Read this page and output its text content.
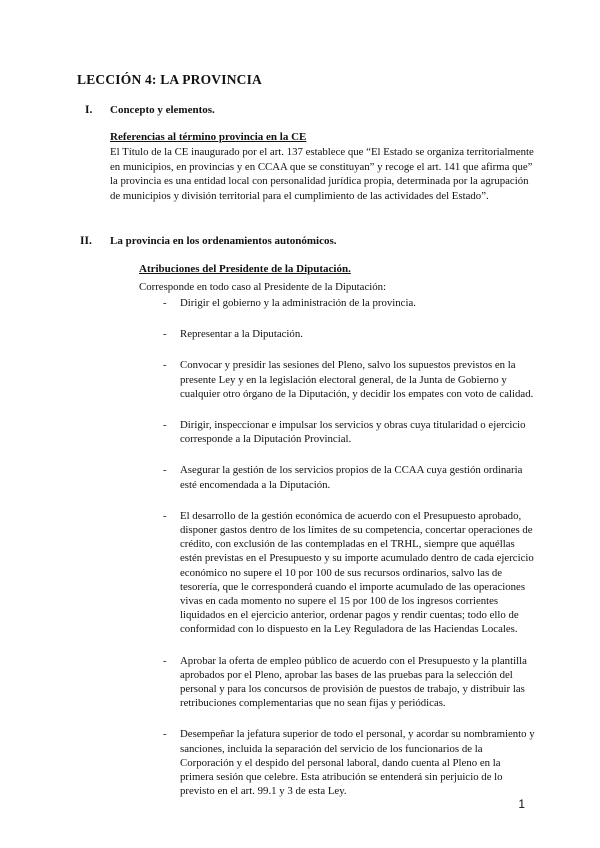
LECCIÓN 4: LA PROVINCIA
I. Concepto y elementos.
Referencias al término provincia en la CE
El Título de la CE inaugurado por el art. 137 establece que “El Estado se organiza territorialmente en municipios, en provincias y en CCAA que se constituyan” y recoge el art. 141 que afirma que” la provincia es una entidad local con personalidad jurídica propia, determinada por la agrupación de municipios y división territorial para el cumplimiento de las actividades del Estado”.
II. La provincia en los ordenamientos autonómicos.
Atribuciones del Presidente de la Diputación.
Corresponde en todo caso al Presidente de la Diputación:
- Dirigir el gobierno y la administración de la provincia.
- Representar a la Diputación.
- Convocar y presidir las sesiones del Pleno, salvo los supuestos previstos en la presente Ley y en la legislación electoral general, de la Junta de Gobierno y cualquier otro órgano de la Diputación, y decidir los empates con voto de calidad.
- Dirigir, inspeccionar e impulsar los servicios y obras cuya titularidad o ejercicio corresponde a la Diputación Provincial.
- Asegurar la gestión de los servicios propios de la CCAA cuya gestión ordinaria esté encomendada a la Diputación.
- El desarrollo de la gestión económica de acuerdo con el Presupuesto aprobado, disponer gastos dentro de los límites de su competencia, concertar operaciones de crédito, con exclusión de las contempladas en el TRHL, siempre que aquéllas estén previstas en el Presupuesto y su importe acumulado dentro de cada ejercicio económico no supere el 10 por 100 de sus recursos ordinarios, salvo las de tesorería, que le corresponderá cuando el importe acumulado de las operaciones vivas en cada momento no supere el 15 por 100 de los ingresos corrientes liquidados en el ejercicio anterior, ordenar pagos y rendir cuentas; todo ello de conformidad con lo dispuesto en la Ley Reguladora de las Haciendas Locales.
- Aprobar la oferta de empleo público de acuerdo con el Presupuesto y la plantilla aprobados por el Pleno, aprobar las bases de las pruebas para la selección del personal y para los concursos de provisión de puestos de trabajo, y distribuir las retribuciones complementarias que no sean fijas y periódicas.
- Desempeñar la jefatura superior de todo el personal, y acordar su nombramiento y sanciones, incluida la separación del servicio de los funcionarios de la Corporación y el despido del personal laboral, dando cuenta al Pleno en la primera sesión que celebre. Esta atribución se entenderá sin perjuicio de lo previsto en el art. 99.1 y 3 de esta Ley.
1
